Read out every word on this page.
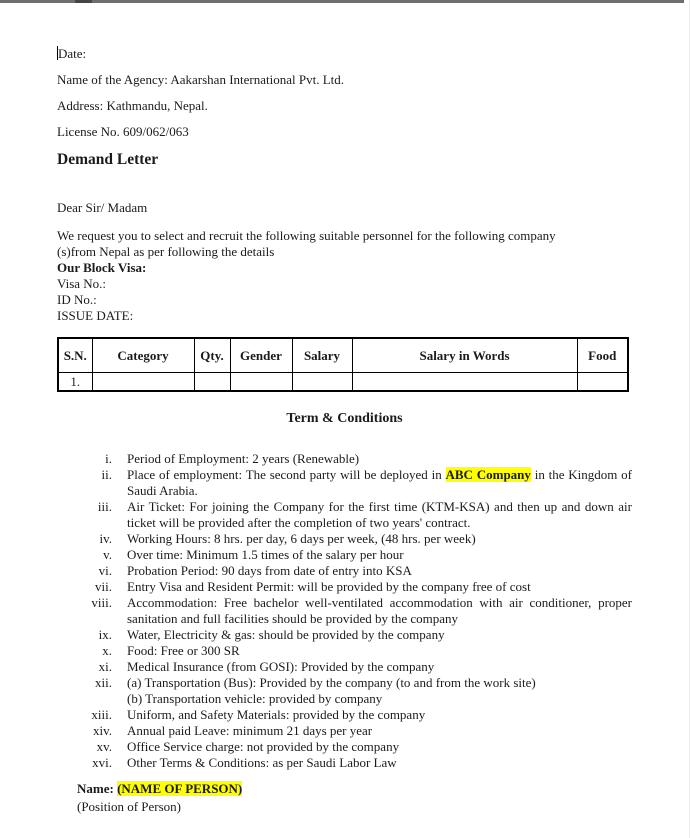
Date:

Name of the Agency: Aakarshan International Pvt. Ltd.

Address: Kathmandu, Nepal.

License No. 609/062/063

Demand Letter

Dear Sir/ Madam

We request you to select and recruit the following suitable personnel for the following company
(s)from Nepal as per following the details
Our Block Visa:
Visa No.:
ID No.:
ISSUE DATE:
S.N.	Category	Qty.	Gender	Salary	Salary in Words	Food
1.						
Term & Conditions
i. Period of Employment: 2 years (Renewable)
ii. Place of employment: The second party will be deployed in ABC Company in the Kingdom of Saudi Arabia.
iii. Air Ticket: For joining the Company for the first time (KTM-KSA) and then up and down air ticket will be provided after the completion of two years' contract.
iv. Working Hours: 8 hrs. per day, 6 days per week, (48 hrs. per week)
v. Over time: Minimum 1.5 times of the salary per hour
vi. Probation Period: 90 days from date of entry into KSA
vii. Entry Visa and Resident Permit: will be provided by the company free of cost
viii. Accommodation: Free bachelor well-ventilated accommodation with air conditioner, proper sanitation and full facilities should be provided by the company
ix. Water, Electricity & gas: should be provided by the company
x. Food: Free or 300 SR
xi. Medical Insurance (from GOSI): Provided by the company
xii. (a) Transportation (Bus): Provided by the company (to and from the work site)
(b) Transportation vehicle: provided by company
xiii. Uniform, and Safety Materials: provided by the company
xiv. Annual paid Leave: minimum 21 days per year
xv. Office Service charge: not provided by the company
xvi. Other Terms & Conditions: as per Saudi Labor Law
Name: (NAME OF PERSON)
(Position of Person)
